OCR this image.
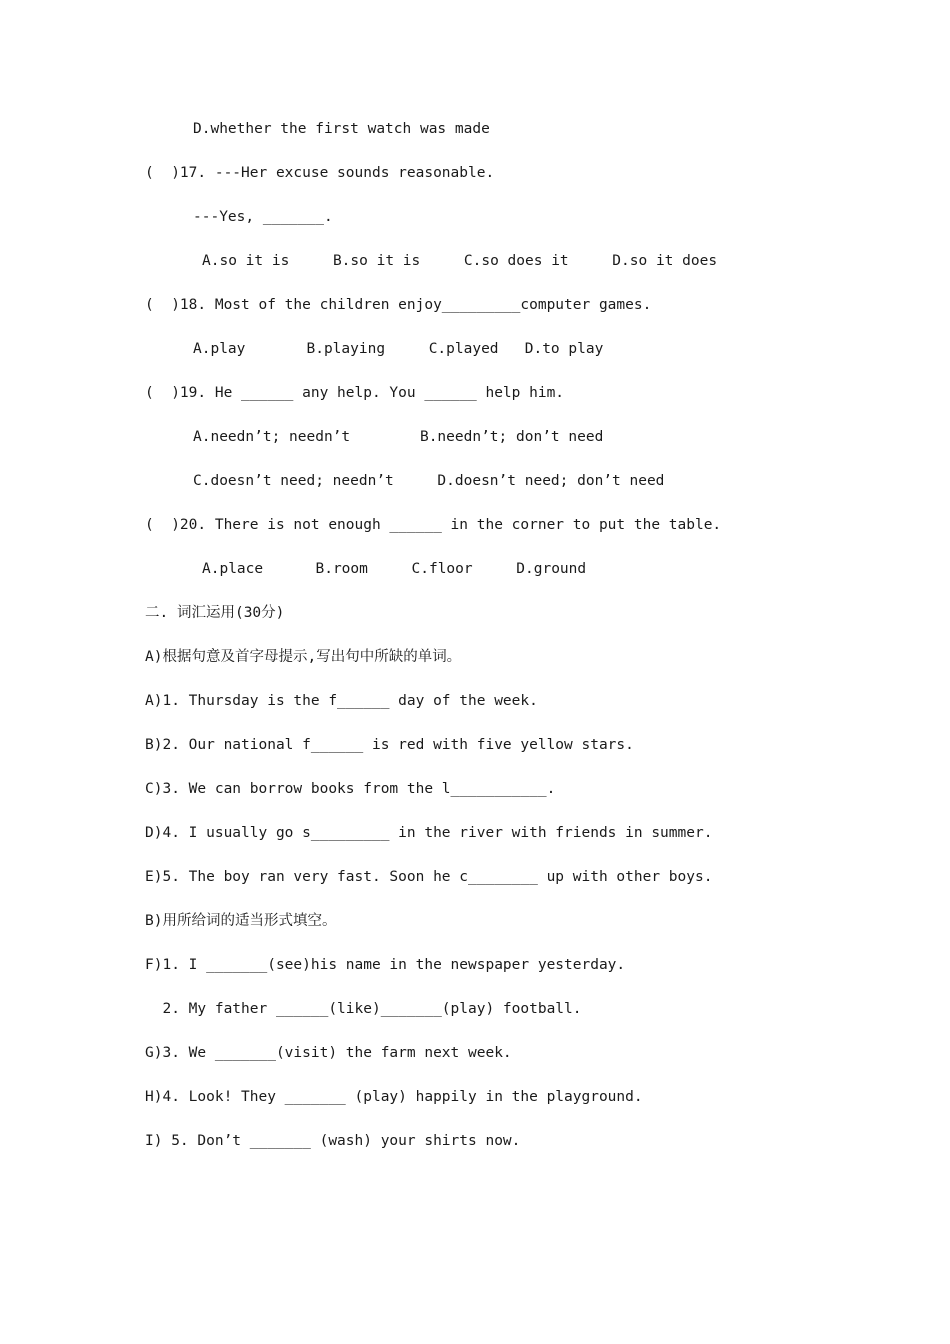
D.whether the first watch was made
(  )17. ---Her excuse sounds reasonable.
---Yes, _______.
A.so it is     B.so it is     C.so does it     D.so it does
(  )18. Most of the children enjoy_________computer games.
A.play       B.playing     C.played   D.to play
(  )19. He ______ any help. You ______ help him.
A.needn’t; needn’t        B.needn’t; don’t need
C.doesn’t need; needn’t     D.doesn’t need; don’t need
(  )20. There is not enough ______ in the corner to put the table.
A.place      B.room     C.floor     D.ground
二. 词汇运用(30分)
A)根据句意及首字母提示,写出句中所缺的单词。
A)1. Thursday is the f______ day of the week.
B)2. Our national f______ is red with five yellow stars.
C)3. We can borrow books from the l___________.
D)4. I usually go s_________ in the river with friends in summer.
E)5. The boy ran very fast. Soon he c________ up with other boys.
B)用所给词的适当形式填空。
F)1. I _______(see)his name in the newspaper yesterday.
2. My father ______(like)_______(play) football.
G)3. We _______(visit) the farm next week.
H)4. Look! They _______ (play) happily in the playground.
I) 5. Don’t _______ (wash) your shirts now.
